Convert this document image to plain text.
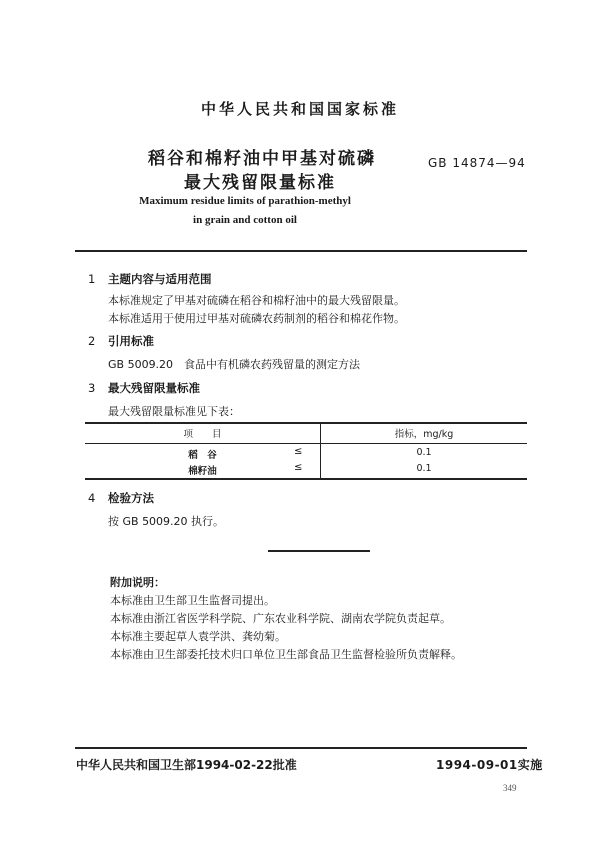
中华人民共和国国家标准
稻谷和棉籽油中甲基对硫磷
最大残留限量标准
GB 14874—94
Maximum residue limits of parathion-methyl
in grain and cotton oil
1 主题内容与适用范围
本标准规定了甲基对硫磷在稻谷和棉籽油中的最大残留限量。
本标准适用于使用过甲基对硫磷农药制剂的稻谷和棉花作物。
2 引用标准
GB 5009.20　食品中有机磷农药残留量的测定方法
3 最大残留限量标准
最大残留限量标准见下表：
项　　目	指标，mg/kg
稻　谷	≤	0.1
棉籽油	≤	0.1
4 检验方法
按 GB 5009.20 执行。
附加说明：
本标准由卫生部卫生监督司提出。
本标准由浙江省医学科学院、广东农业科学院、湖南农学院负责起草。
本标准主要起草人袁学洪、龚幼菊。
本标准由卫生部委托技术归口单位卫生部食品卫生监督检验所负责解释。
中华人民共和国卫生部1994-02-22批准	1994-09-01实施
349
